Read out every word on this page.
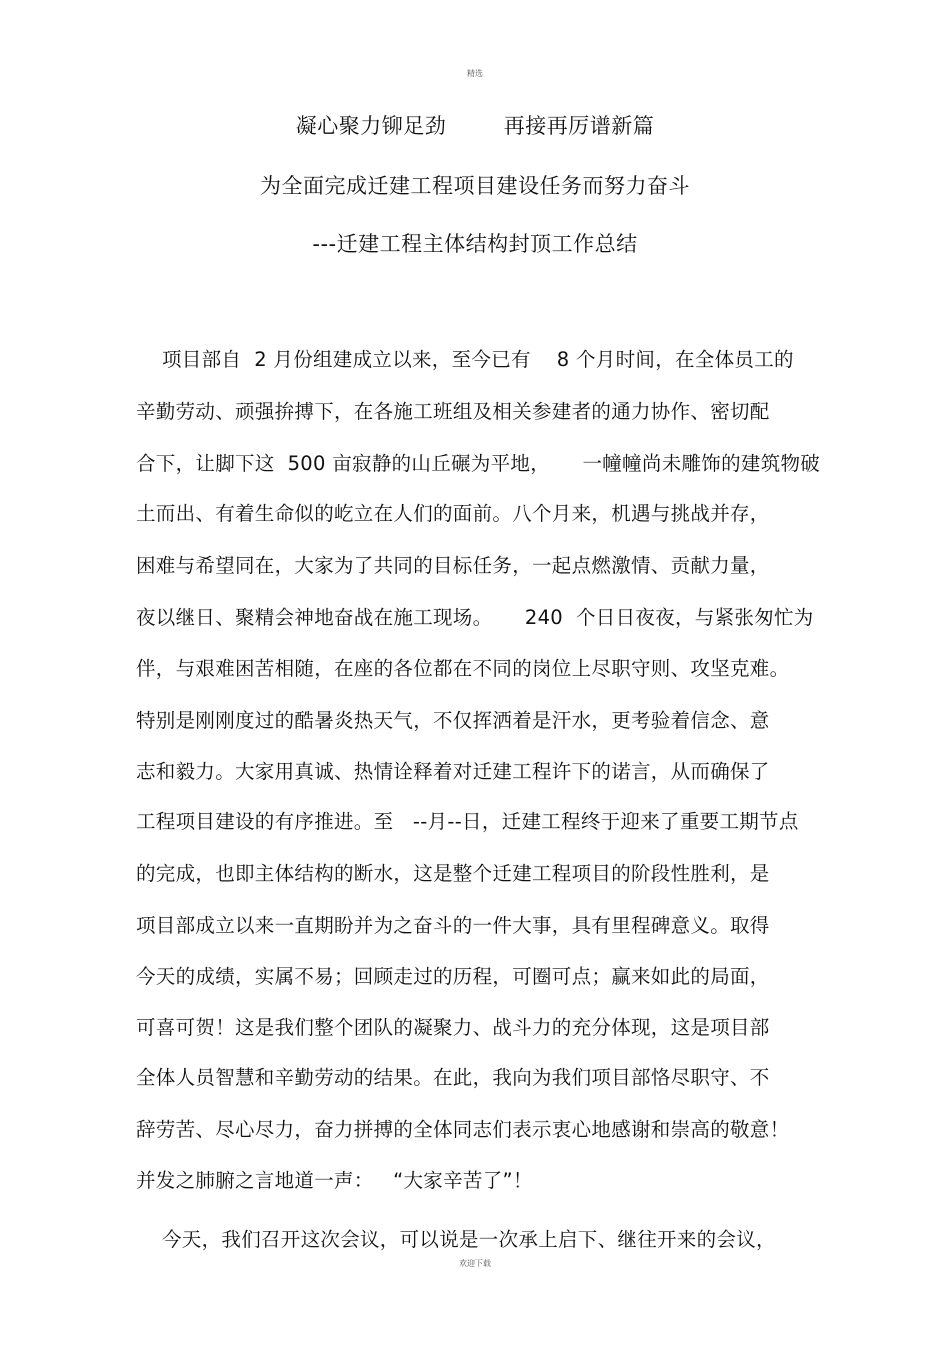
精选
凝心聚力铆足劲        再接再厉谱新篇
为全面完成迁建工程项目建设任务而努力奋斗
---迁建工程主体结构封顶工作总结
项目部自  2 月份组建成立以来，至今已有    8 个月时间，在全体员工的
辛勤劳动、顽强拚搏下，在各施工班组及相关参建者的通力协作、密切配
合下，让脚下这  500 亩寂静的山丘碾为平地，     一幢幢尚未雕饰的建筑物破
土而出、有着生命似的屹立在人们的面前。八个月来，机遇与挑战并存，
困难与希望同在，大家为了共同的目标任务，一起点燃激情、贡献力量，
夜以继日、聚精会神地奋战在施工现场。     240  个日日夜夜，与紧张匆忙为
伴，与艰难困苦相随，在座的各位都在不同的岗位上尽职守则、攻坚克难。
特别是刚刚度过的酷暑炎热天气，不仅挥洒着是汗水，更考验着信念、意
志和毅力。大家用真诚、热情诠释着对迁建工程许下的诺言，从而确保了
工程项目建设的有序推进。至   --月--日，迁建工程终于迎来了重要工期节点
的完成，也即主体结构的断水，这是整个迁建工程项目的阶段性胜利，是
项目部成立以来一直期盼并为之奋斗的一件大事，具有里程碑意义。取得
今天的成绩，实属不易；回顾走过的历程，可圈可点；赢来如此的局面，
可喜可贺！这是我们整个团队的凝聚力、战斗力的充分体现，这是项目部
全体人员智慧和辛勤劳动的结果。在此，我向为我们项目部恪尽职守、不
辞劳苦、尽心尽力，奋力拼搏的全体同志们表示衷心地感谢和崇高的敬意！
并发之肺腑之言地道一声：   “大家辛苦了”！
今天，我们召开这次会议，可以说是一次承上启下、继往开来的会议，
欢迎下载
